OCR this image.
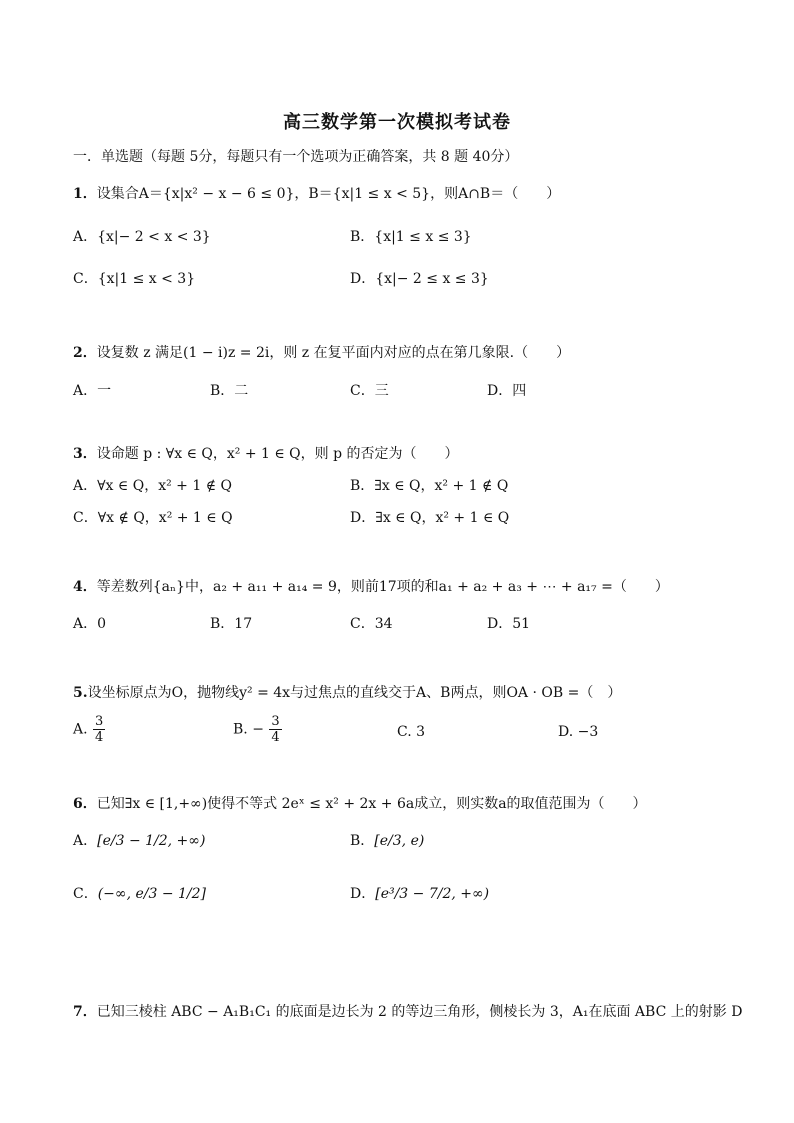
高三数学第一次模拟考试卷
一．单选题（每题 5分，每题只有一个选项为正确答案，共 8 题 40分）
1．设集合A＝{x|x² − x − 6 ≤ 0}，B＝{x|1 ≤ x < 5}，则A∩B＝（　　）
A．{x|− 2 < x < 3}	B．{x|1 ≤ x ≤ 3}
C．{x|1 ≤ x < 3}	D．{x|− 2 ≤ x ≤ 3}
2．设复数 z 满足(1 − i)z = 2i，则 z 在复平面内对应的点在第几象限.（　　）
A．一	B．二	C．三	D．四
3．设命题 p : ∀x ∈ Q，x² + 1 ∈ Q，则 p 的否定为（　　）
A．∀x ∈ Q，x² + 1 ∉ Q	B．∃x ∈ Q，x² + 1 ∉ Q
C．∀x ∉ Q，x² + 1 ∈ Q	D．∃x ∈ Q，x² + 1 ∈ Q
4．等差数列{aₙ}中，a₂ + a₁₁ + a₁₄ = 9，则前17项的和a₁ + a₂ + a₃ + ⋯ + a₁₇ =（　　）
A．0	B．17	C．34	D．51
5.设坐标原点为O，抛物线y² = 4x与过焦点的直线交于A、B两点，则OA · OB =（　）
A. $\frac{3}{4}$	B. − $\frac{3}{4}$	C. 3	D. −3
6．已知∃x ∈ [1,+∞)使得不等式 2eˣ ≤ x² + 2x + 6a成立，则实数a的取值范围为（　　）
A．[e/3 − 1/2, +∞)	B．[e/3, e)
C．(−∞, e/3 − 1/2]	D．[e³/3 − 7/2, +∞)
7．已知三棱柱 ABC − A₁B₁C₁ 的底面是边长为 2 的等边三角形，侧棱长为 3，A₁在底面 ABC 上的射影 D
